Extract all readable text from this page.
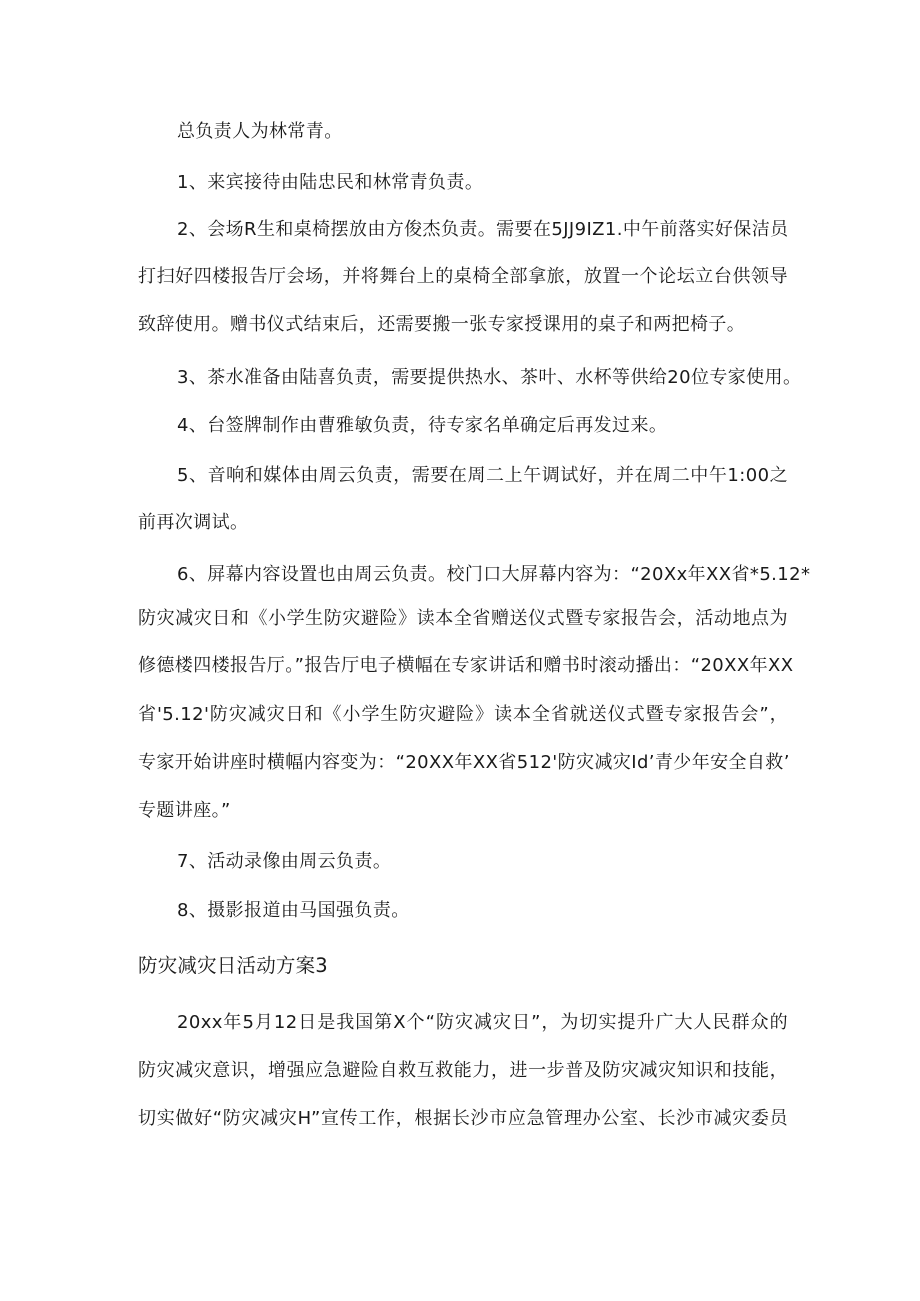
总负责人为林常青。
1、来宾接待由陆忠民和林常青负责。
2、会场R生和桌椅摆放由方俊杰负责。需要在5JJ9IZ1.中午前落实好保洁员
打扫好四楼报告厅会场，并将舞台上的桌椅全部拿旅，放置一个论坛立台供领导
致辞使用。赠书仪式结束后，还需要搬一张专家授课用的桌子和两把椅子。
3、茶水准备由陆喜负责，需要提供热水、茶叶、水杯等供给20位专家使用。
4、台签牌制作由曹雅敏负责，待专家名单确定后再发过来。
5、音响和媒体由周云负责，需要在周二上午调试好，并在周二中午1:00之
前再次调试。
6、屏幕内容设置也由周云负责。校门口大屏幕内容为：“20Xx年XX省*5.12*
防灾减灾日和《小学生防灾避险》读本全省赠送仪式暨专家报告会，活动地点为
修德楼四楼报告厅。”报告厅电子横幅在专家讲话和赠书时滚动播出：“20XX年XX
省'5.12'防灾减灾日和《小学生防灾避险》读本全省就送仪式暨专家报告会”，
专家开始讲座时横幅内容变为：“20XX年XX省512'防灾减灾Id’青少年安全自救’
专题讲座。”
7、活动录像由周云负责。
8、摄影报道由马国强负责。
防灾减灾日活动方案3
20xx年5月12日是我国第X个“防灾减灾日”，为切实提升广大人民群众的
防灾减灾意识，增强应急避险自救互救能力，进一步普及防灾减灾知识和技能，
切实做好“防灾减灾H”宣传工作，根据长沙市应急管理办公室、长沙市减灾委员
